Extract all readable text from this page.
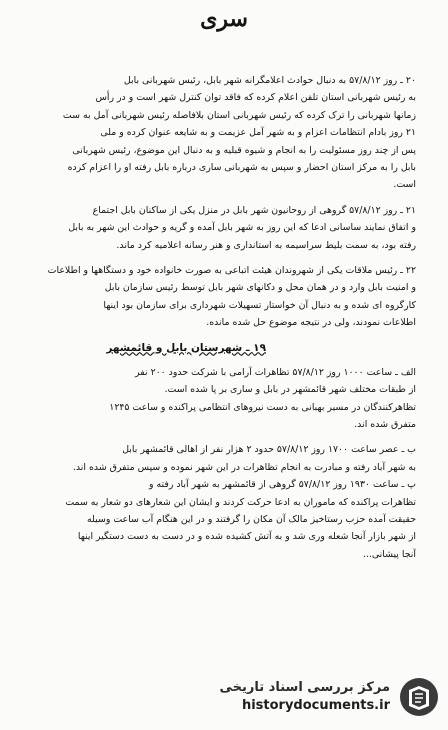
سری

۲۰ ـ روز ۵۷/۸/۱۲ به دنبال حوادث اعلامگرانه شهر بابل، رئیس شهربانی بابل

به رئیس شهربانی استان تلفن اعلام کرده که فاقد توان کنترل شهر است و در رأس

زمانها شهربانی را ترک کرده که رئیس شهربانی استان بلافاصله رئیس شهربانی آمل به ست

۲۱ روز بادام انتظامات اعزام و به شهر آمل عزیمت و به شایعه عنوان کرده و ملی

پس از چند روز مسئولیت را به انجام و شیوه قبلیه و به دنبال این موضوع، رئیس شهربانی

بابل را به مرکز استان احضار و سپس به شهربانی سارى درباره بابل رفته او را اعزام کرده

است.

۲۱ ـ روز ۵۷/۸/۱۲ گروهی از روحانیون شهر بابل در منزل یکی از ساکنان بابل اجتماع

و اتفاق نمایند ساسانی ادعا که این روز به شهر بابل آمده و گریه و حوادث این شهر به بابل

رفته بود، به سمت بلیط سراسیمه به استانداری و هنر رسانه اعلامیه کرد ماند.

۲۲ ـ رئیس ملاقات یکی از شهروندان هیئت اتباعی به صورت خانواده خود و دستگاهها و اطلاعات

و امنیت بابل وارد و در همان محل و دکانهای شهر بابل توسط رئیس سازمان بابل

کارگروه ای شده و به دنبال آن خواستار تسهیلات شهرداری برای سازمان بود اینها

اطلاعات نمودند، ولی در نتیجه موضوع حل شده مانده.

۱۹ ـ شهرستان بابل و قائمشهر

الف ـ ساعت ۱۰۰۰ روز ۵۷/۸/۱۲ تظاهرات آرامی با شرکت حدود ۲۰۰ نفر

از طبقات مختلف شهر قائمشهر در بابل و ساری بر پا شده است.

تظاهرکنندگان در مسیر بهبانی به دست نیروهای انتظامی پراکنده و ساعت ۱۲۴۵

متفرق شده اند.

ب ـ عصر ساعت ۱۷۰۰ روز ۵۷/۸/۱۲ حدود ۲ هزار نفر از اهالی قائمشهر بابل

به شهر آباد رفته و مبادرت به انجام تظاهرات در این شهر نموده و سپس متفرق شده اند.

پ ـ ساعت ۱۹۳۰ روز ۵۷/۸/۱۲ گروهی از قائمشهر به شهر آباد رفته و

تظاهرات پراکنده که ماموران به ادعا حرکت کردند و ایشان این شعارهای دو شعار به سمت

حقیقت آمده حزب رستاخیز مالک آن مکان را گرفتند و در این هنگام آب ساعت وسیله

از شهر بازار آنجا شعله وری شد و به آتش کشیده شده و در دست به دست دستگیر اینها

آنجا پیشانی...

مرکز بررسی اسناد تاریخی
historydocuments.ir
